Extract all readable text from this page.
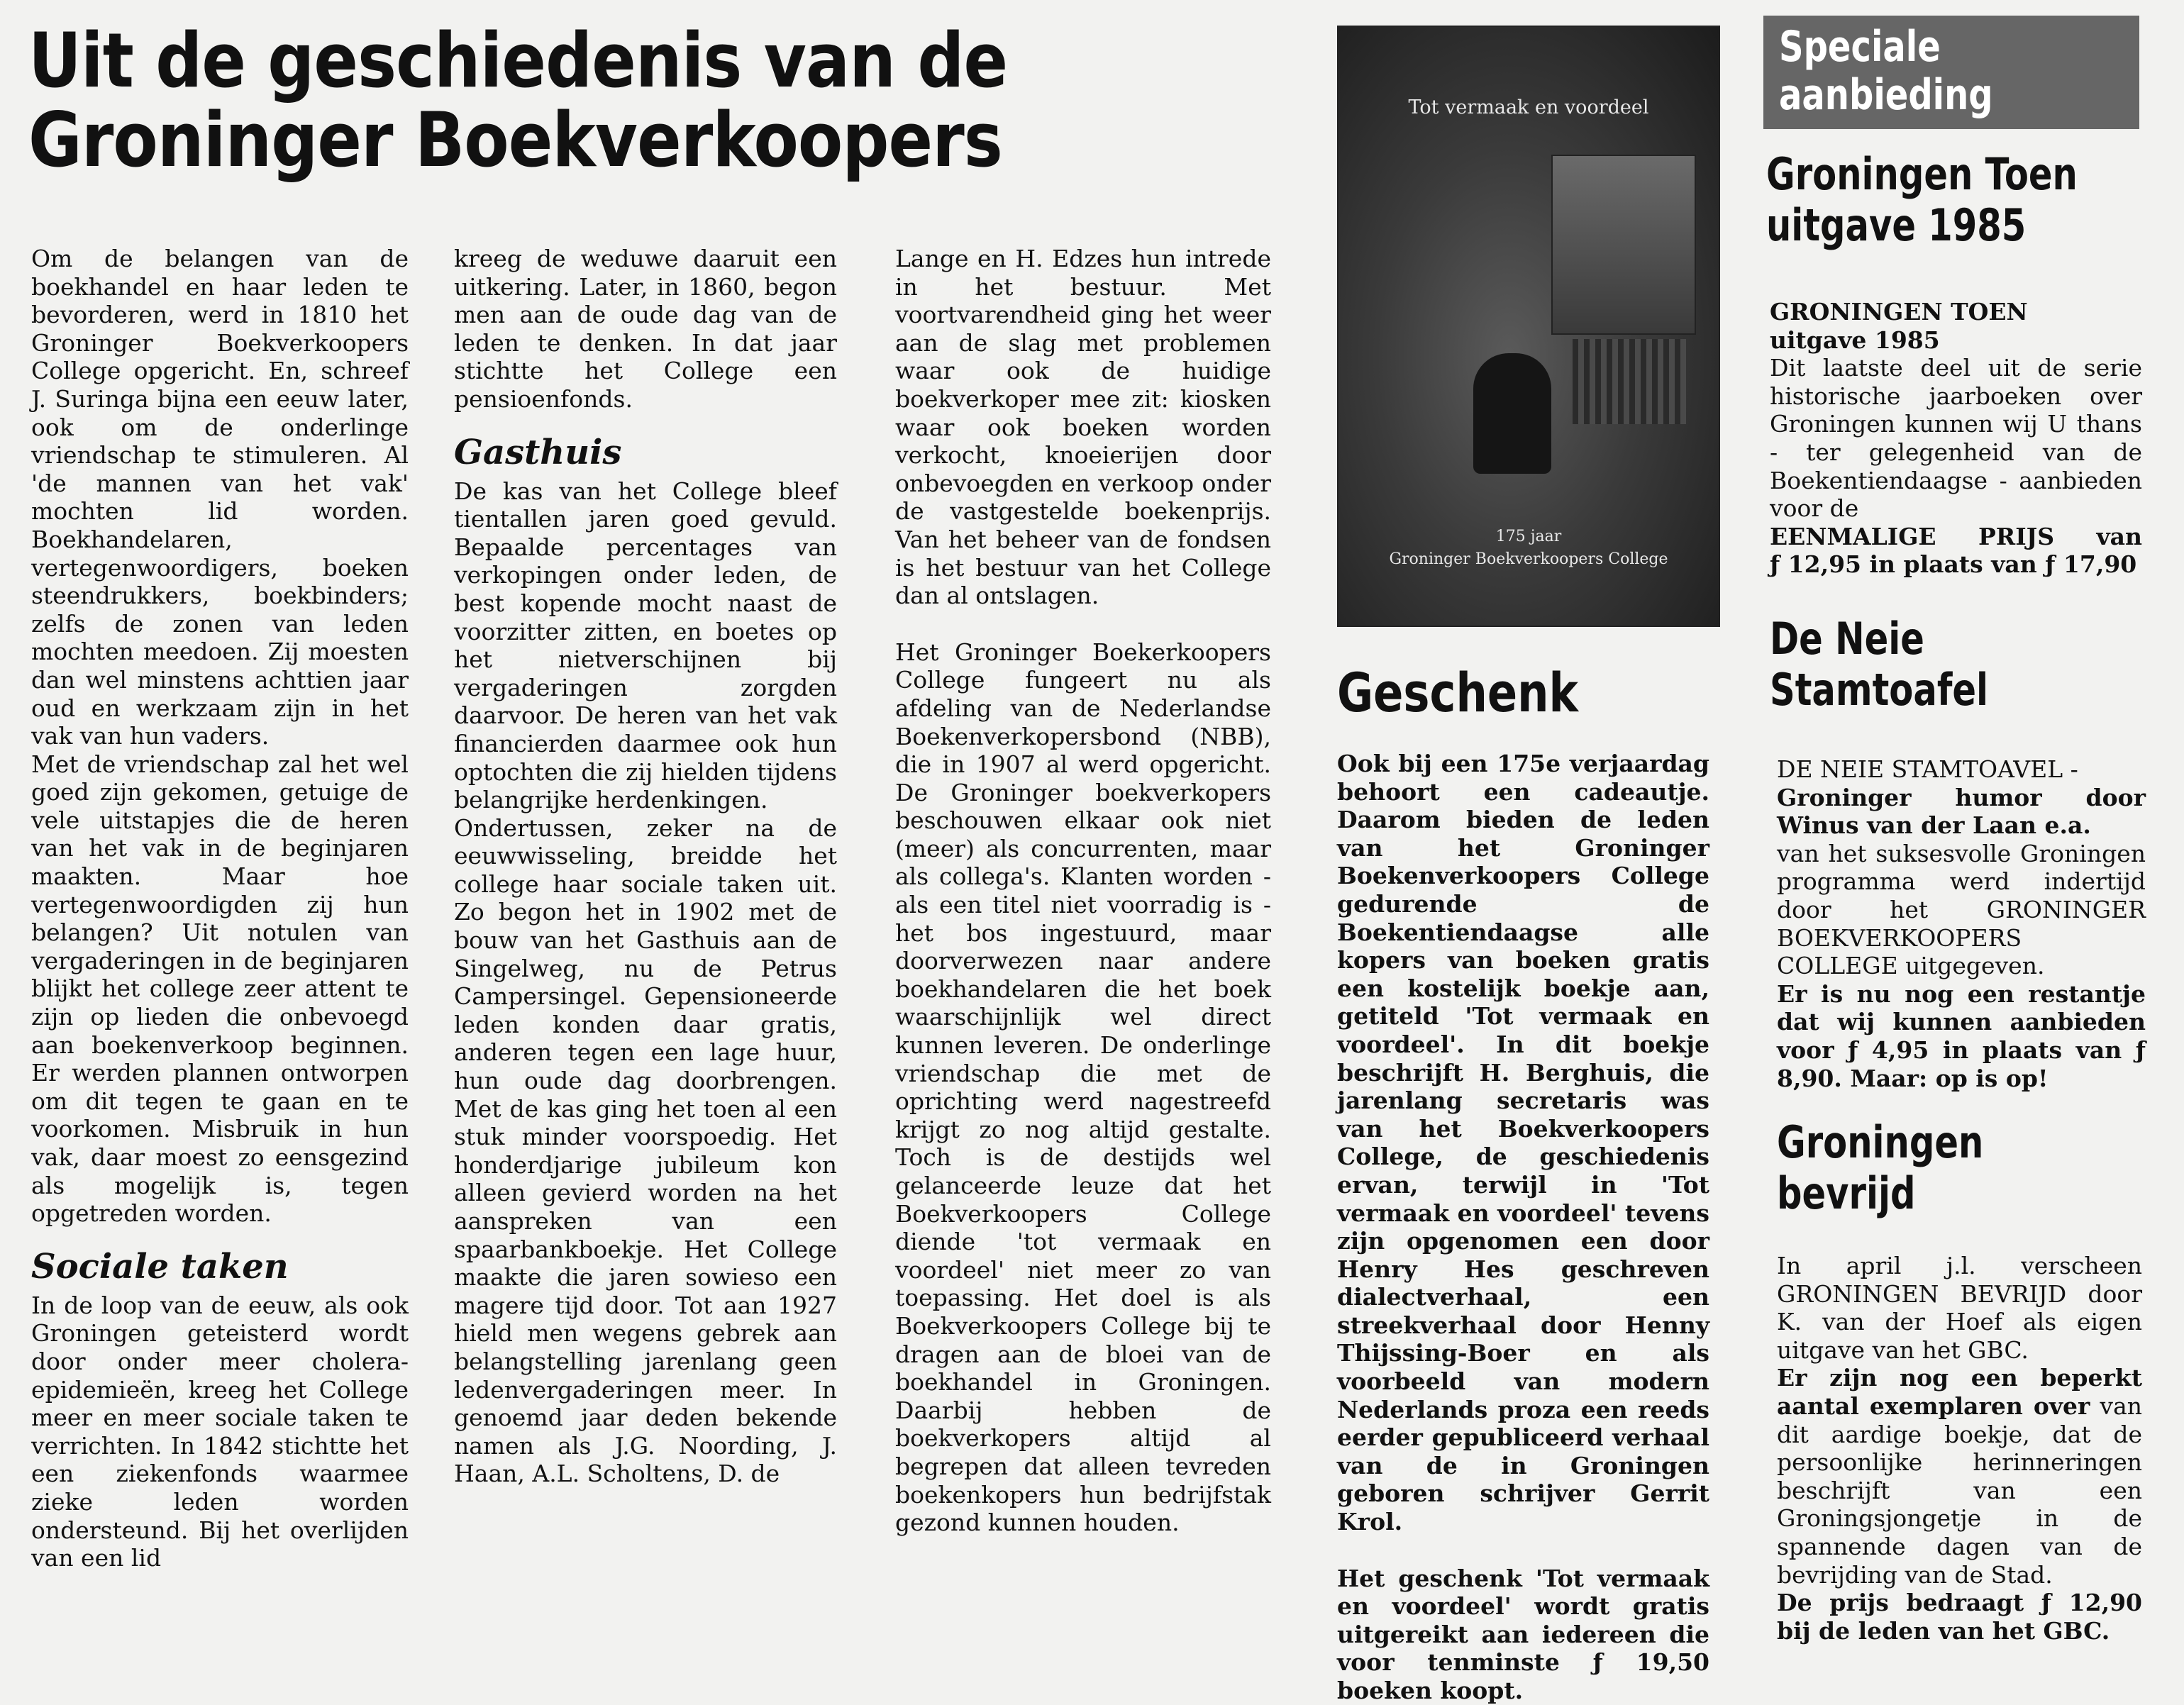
Uit de geschiedenis van de
Groninger Boekverkoopers

Om de belangen van de boekhandel en haar leden te bevorderen, werd in 1810 het Groninger Boekverkoopers College opgericht. En, schreef J. Suringa bijna een eeuw later, ook om de onderlinge vriendschap te stimuleren. Al 'de mannen van het vak' mochten lid worden. Boekhandelaren, vertegenwoordigers, boeken steendrukkers, boekbinders; zelfs de zonen van leden mochten meedoen. Zij moesten dan wel minstens achttien jaar oud en werkzaam zijn in het vak van hun vaders.

Met de vriendschap zal het wel goed zijn gekomen, getuige de vele uitstapjes die de heren van het vak in de beginjaren maakten. Maar hoe vertegenwoordigden zij hun belangen? Uit notulen van vergaderingen in de beginjaren blijkt het college zeer attent te zijn op lieden die onbevoegd aan boekenverkoop beginnen. Er werden plannen ontworpen om dit tegen te gaan en te voorkomen. Misbruik in hun vak, daar moest zo eensgezind als mogelijk is, tegen opgetreden worden.

Sociale taken

In de loop van de eeuw, als ook Groningen geteisterd wordt door onder meer cholera-epidemieën, kreeg het College meer en meer sociale taken te verrichten. In 1842 stichtte het een ziekenfonds waarmee zieke leden worden ondersteund. Bij het overlijden van een lid

kreeg de weduwe daaruit een uitkering. Later, in 1860, begon men aan de oude dag van de leden te denken. In dat jaar stichtte het College een pensioenfonds.

Gasthuis

De kas van het College bleef tientallen jaren goed gevuld. Bepaalde percentages van verkopingen onder leden, de best kopende mocht naast de voorzitter zitten, en boetes op het nietverschijnen bij vergaderingen zorgden daarvoor. De heren van het vak financierden daarmee ook hun optochten die zij hielden tijdens belangrijke herdenkingen.

Ondertussen, zeker na de eeuwwisseling, breidde het college haar sociale taken uit. Zo begon het in 1902 met de bouw van het Gasthuis aan de Singelweg, nu de Petrus Campersingel. Gepensioneerde leden konden daar gratis, anderen tegen een lage huur, hun oude dag doorbrengen. Met de kas ging het toen al een stuk minder voorspoedig. Het honderdjarige jubileum kon alleen gevierd worden na het aanspreken van een spaarbankboekje. Het College maakte die jaren sowieso een magere tijd door. Tot aan 1927 hield men wegens gebrek aan belangstelling jarenlang geen ledenvergaderingen meer. In genoemd jaar deden bekende namen als J.G. Noording, J. Haan, A.L. Scholtens, D. de

Lange en H. Edzes hun intrede in het bestuur. Met voortvarendheid ging het weer aan de slag met problemen waar ook de huidige boekverkoper mee zit: kiosken waar ook boeken worden verkocht, knoeierijen door onbevoegden en verkoop onder de vastgestelde boekenprijs. Van het beheer van de fondsen is het bestuur van het College dan al ontslagen.

Het Groninger Boekerkoopers College fungeert nu als afdeling van de Nederlandse Boekenverkopersbond (NBB), die in 1907 al werd opgericht. De Groninger boekverkopers beschouwen elkaar ook niet (meer) als concurrenten, maar als collega's. Klanten worden - als een titel niet voorradig is - het bos ingestuurd, maar doorverwezen naar andere boekhandelaren die het boek waarschijnlijk wel direct kunnen leveren. De onderlinge vriendschap die met de oprichting werd nagestreefd krijgt zo nog altijd gestalte. Toch is de destijds wel gelanceerde leuze dat het Boekverkoopers College diende 'tot vermaak en voordeel' niet meer zo van toepassing. Het doel is als Boekverkoopers College bij te dragen aan de bloei van de boekhandel in Groningen. Daarbij hebben de boekverkopers altijd al begrepen dat alleen tevreden boekenkopers hun bedrijfstak gezond kunnen houden.

Tot vermaak en voordeel
175 jaar
Groninger Boekverkoopers College
Geschenk

Ook bij een 175e verjaardag behoort een cadeautje. Daarom bieden de leden van het Groninger Boekenverkoopers College gedurende de Boekentiendaagse alle kopers van boeken gratis een kostelijk boekje aan, getiteld 'Tot vermaak en voordeel'. In dit boekje beschrijft H. Berghuis, die jarenlang secretaris was van het Boekverkoopers College, de geschiedenis ervan, terwijl in 'Tot vermaak en voordeel' tevens zijn opgenomen een door Henry Hes geschreven dialectverhaal, een streekverhaal door Henny Thijssing-Boer en als voorbeeld van modern Nederlands proza een reeds eerder gepubliceerd verhaal van de in Groningen geboren schrijver Gerrit Krol.

Het geschenk 'Tot vermaak en voordeel' wordt gratis uitgereikt aan iedereen die voor tenminste ƒ 19,50 boeken koopt.

Speciale
aanbieding
Groningen Toen
uitgave 1985

GRONINGEN TOEN

uitgave 1985

Dit laatste deel uit de serie historische jaarboeken over Groningen kunnen wij U thans - ter gelegenheid van de Boekentiendaagse - aanbieden voor de

EENMALIGE PRIJS van

ƒ 12,95 in plaats van ƒ 17,90

De Neie
Stamtoafel

DE NEIE STAMTOAVEL -

Groninger humor door Winus van der Laan e.a.

van het suksesvolle Groningen programma werd indertijd door het GRONINGER BOEKVERKOOPERS COLLEGE uitgegeven.

Er is nu nog een restantje dat wij kunnen aanbieden voor ƒ 4,95 in plaats van ƒ 8,90. Maar: op is op!

Groningen
bevrijd

In april j.l. verscheen GRONINGEN BEVRIJD door K. van der Hoef als eigen uitgave van het GBC.

Er zijn nog een beperkt aantal exemplaren over van dit aardige boekje, dat de persoonlijke herinneringen beschrijft van een Groningsjongetje in de spannende dagen van de bevrijding van de Stad.

De prijs bedraagt ƒ 12,90 bij de leden van het GBC.
